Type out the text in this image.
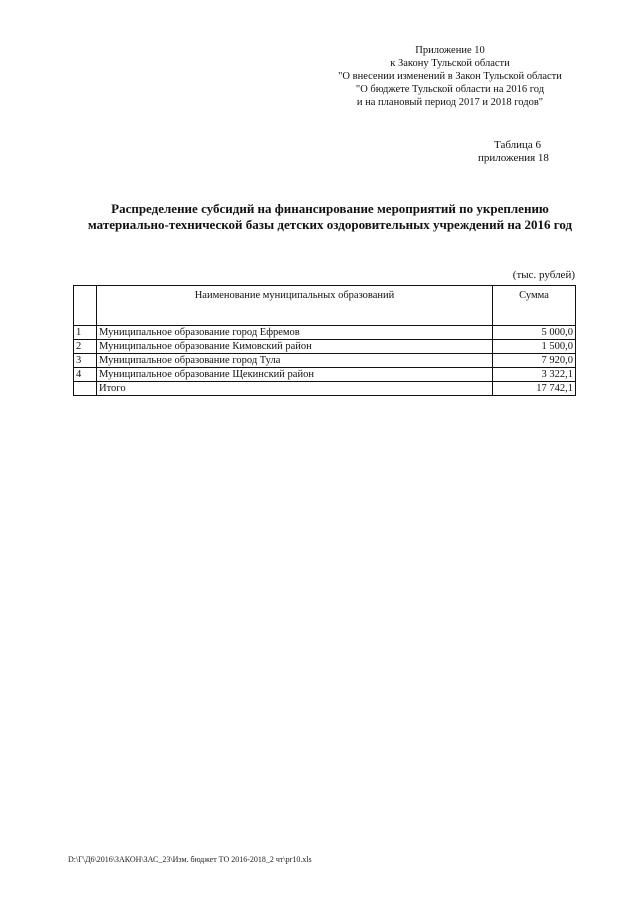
Приложение 10
к Закону Тульской области
"О внесении изменений в Закон Тульской области
"О бюджете Тульской области на 2016 год
и на плановый период 2017 и 2018 годов"
Таблица 6
приложения 18
Распределение субсидий на финансирование мероприятий по укреплению
материально-технической базы детских оздоровительных учреждений на 2016 год
(тыс. рублей)
	Наименование муниципальных образований	Сумма
1	Муниципальное образование город Ефремов	5 000,0
2	Муниципальное образование Кимовский район	1 500,0
3	Муниципальное образование город Тула	7 920,0
4	Муниципальное образование Щекинский район	3 322,1
	Итого	17 742,1
D:\Г\Д6\2016\ЗАКОН\ЗАС_23\Изм. бюджет ТО 2016-2018_2 чт\pr10.xls
